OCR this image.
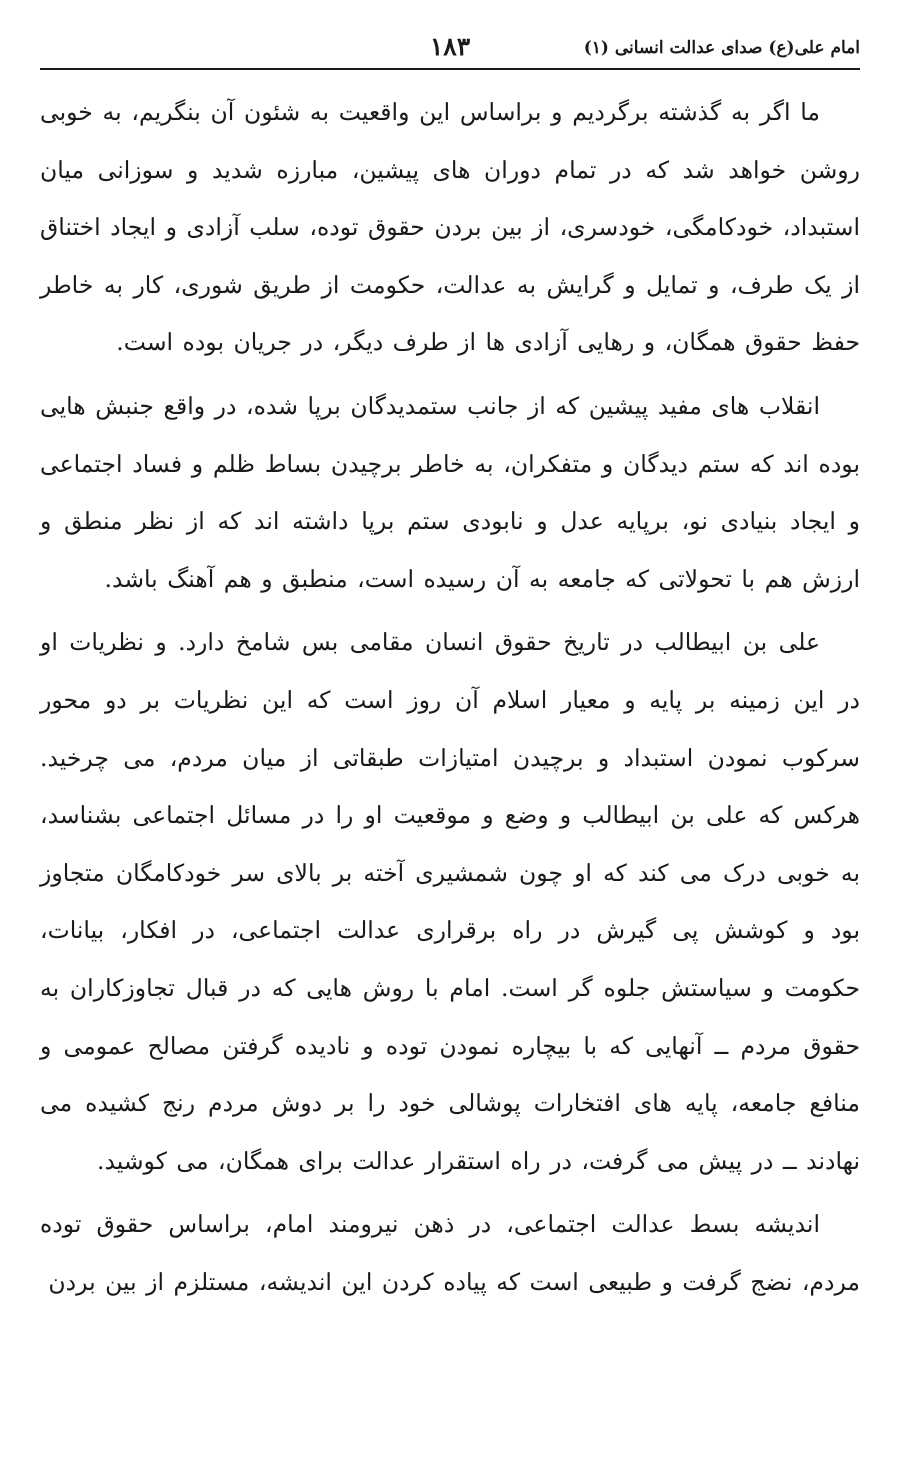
امام علی(ع) صدای عدالت انسانی (۱)
۱۸۳

ما اگر به گذشته برگردیم و براساس این واقعیت به شئون آن بنگریم، به خوبی روشن خواهد شد که در تمام دوران های پیشین، مبارزه شدید و سوزانی میان استبداد، خودکامگی، خودسری، از بین بردن حقوق توده، سلب آزادی و ایجاد اختناق از یک طرف، و تمایل و گرایش به عدالت، حکومت از طریق شوری، کار به خاطر حفظ حقوق همگان، و رهایی آزادی ها از طرف دیگر، در جریان بوده است.

انقلاب های مفید پیشین که از جانب ستمدیدگان برپا شده، در واقع جنبش هایی بوده اند که ستم دیدگان و متفکران، به خاطر برچیدن بساط ظلم و فساد اجتماعی و ایجاد بنیادی نو، برپایه عدل و نابودی ستم برپا داشته اند که از نظر منطق و ارزش هم با تحولاتی که جامعه به آن رسیده است، منطبق و هم آهنگ باشد.

علی بن ابیطالب در تاریخ حقوق انسان مقامی بس شامخ دارد. و نظریات او در این زمینه بر پایه و معیار اسلام آن روز است که این نظریات بر دو محور سرکوب نمودن استبداد و برچیدن امتیازات طبقاتی از میان مردم، می چرخید. هرکس که علی بن ابیطالب و وضع و موقعیت او را در مسائل اجتماعی بشناسد، به خوبی درک می کند که او چون شمشیری آخته بر بالای سر خودکامگان متجاوز بود و کوشش پی گیرش در راه برقراری عدالت اجتماعی، در افکار، بیانات، حکومت و سیاستش جلوه گر است. امام با روش هایی که در قبال تجاوزکاران به حقوق مردم ــ آنهایی که با بیچاره نمودن توده و نادیده گرفتن مصالح عمومی و منافع جامعه، پایه های افتخارات پوشالی خود را بر دوش مردم رنج کشیده می نهادند ــ در پیش می گرفت، در راه استقرار عدالت برای همگان، می کوشید.

اندیشه بسط عدالت اجتماعی، در ذهن نیرومند امام، براساس حقوق توده مردم، نضج گرفت و طبیعی است که پیاده کردن این اندیشه، مستلزم از بین بردن
